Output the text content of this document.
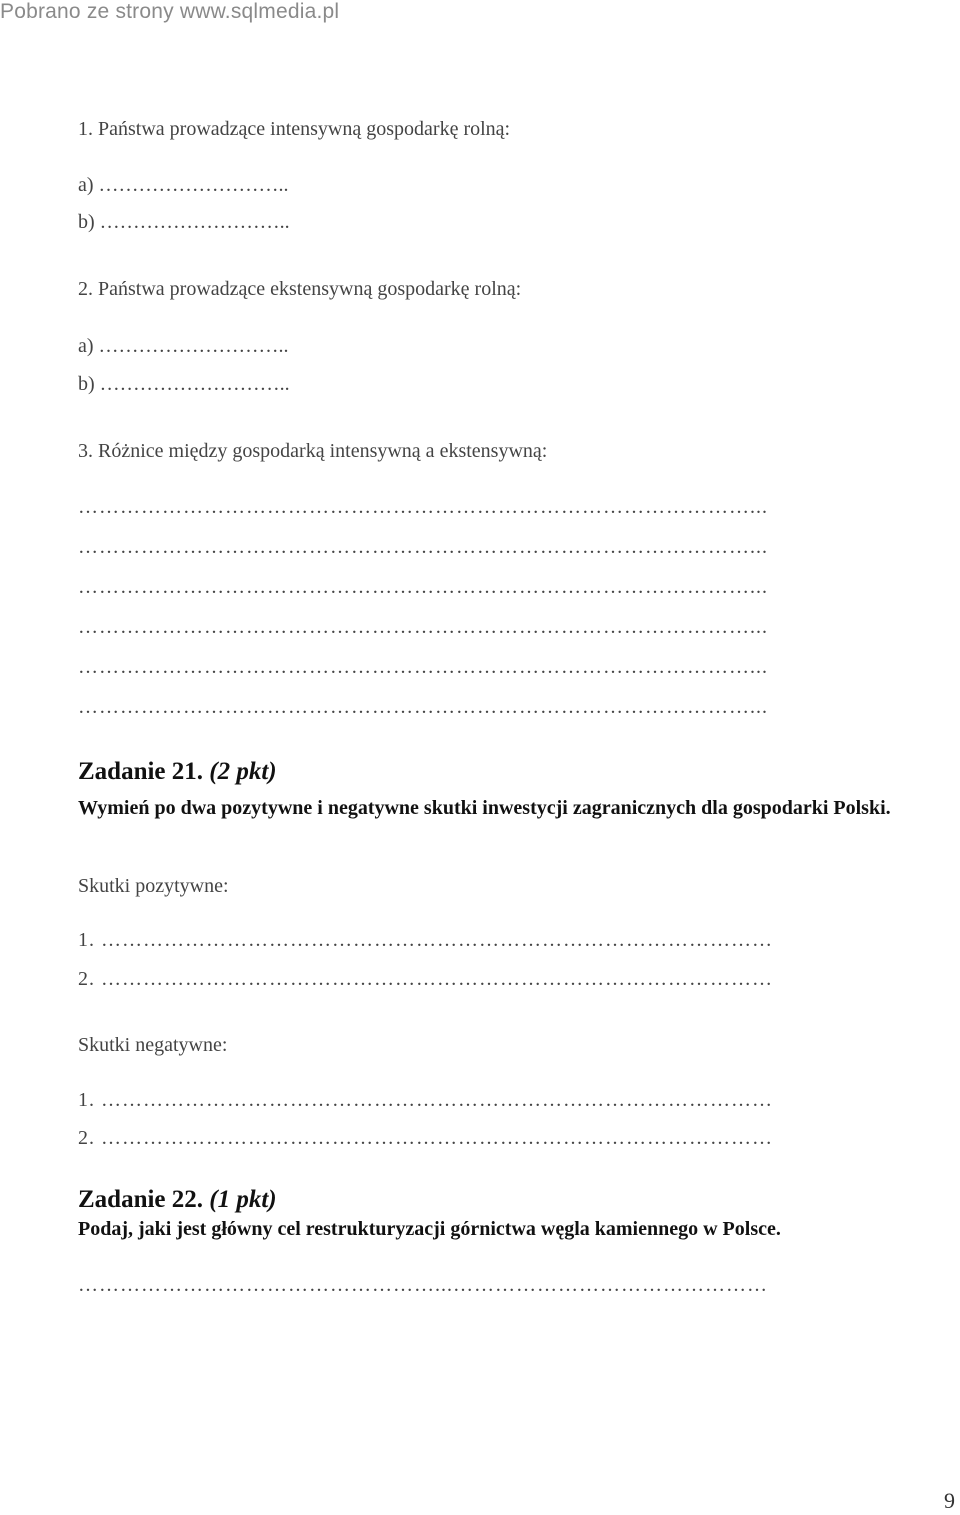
Pobrano ze strony www.sqlmedia.pl
1. Państwa prowadzące intensywną gospodarkę rolną:
a) ………………………..
b) ………………………..
2. Państwa prowadzące ekstensywną gospodarkę rolną:
a) ………………………..
b) ………………………..
3. Różnice między gospodarką intensywną a ekstensywną:
……………………………………………………………………………………...
……………………………………………………………………………………...
……………………………………………………………………………………...
……………………………………………………………………………………...
……………………………………………………………………………………...
……………………………………………………………………………………...
Zadanie 21. (2 pkt)
Wymień po dwa pozytywne i negatywne skutki inwestycji zagranicznych dla gospodarki Polski.
Skutki pozytywne:
1. ……………………………………………………………………………………
2. ……………………………………………………………………………………
Skutki negatywne:
1. ……………………………………………………………………………………
2. ……………………………………………………………………………………
Zadanie 22. (1 pkt)
Podaj, jaki jest główny cel restrukturyzacji górnictwa węgla kamiennego w Polsce.
……………………………………………...………………………………………
9
